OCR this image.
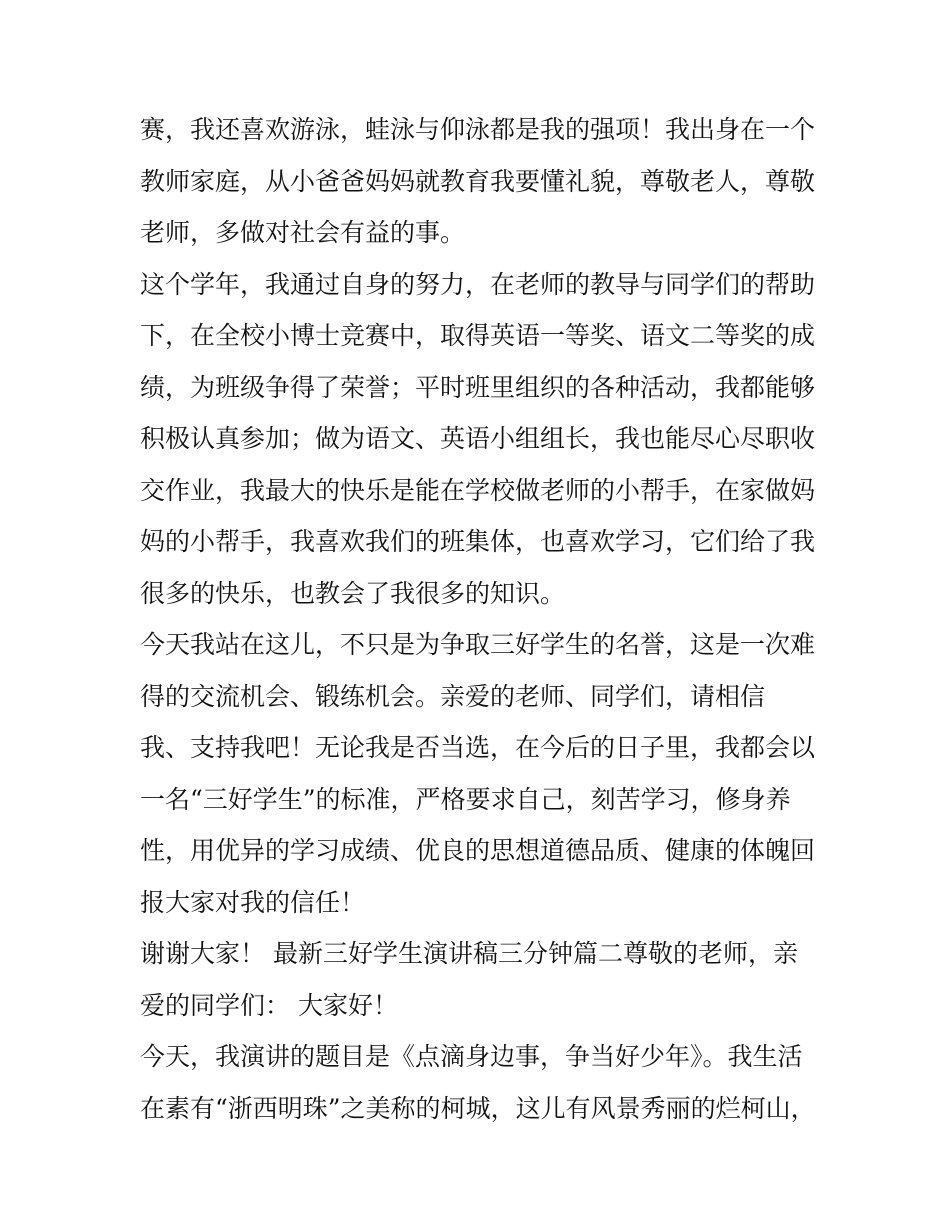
赛，我还喜欢游泳，蛙泳与仰泳都是我的强项！我出身在一个
教师家庭，从小爸爸妈妈就教育我要懂礼貌，尊敬老人，尊敬
老师，多做对社会有益的事。
这个学年，我通过自身的努力，在老师的教导与同学们的帮助
下，在全校小博士竞赛中，取得英语一等奖、语文二等奖的成
绩，为班级争得了荣誉；平时班里组织的各种活动，我都能够
积极认真参加；做为语文、英语小组组长，我也能尽心尽职收
交作业，我最大的快乐是能在学校做老师的小帮手，在家做妈
妈的小帮手，我喜欢我们的班集体，也喜欢学习，它们给了我
很多的快乐，也教会了我很多的知识。
今天我站在这儿，不只是为争取三好学生的名誉，这是一次难
得的交流机会、锻练机会。亲爱的老师、同学们，请相信
我、支持我吧！无论我是否当选，在今后的日子里，我都会以
一名“三好学生”的标准，严格要求自己，刻苦学习，修身养
性，用优异的学习成绩、优良的思想道德品质、健康的体魄回
报大家对我的信任！
谢谢大家！ 最新三好学生演讲稿三分钟篇二尊敬的老师，亲
爱的同学们： 大家好！
今天，我演讲的题目是《点滴身边事，争当好少年》。我生活
在素有“浙西明珠”之美称的柯城，这儿有风景秀丽的烂柯山，
